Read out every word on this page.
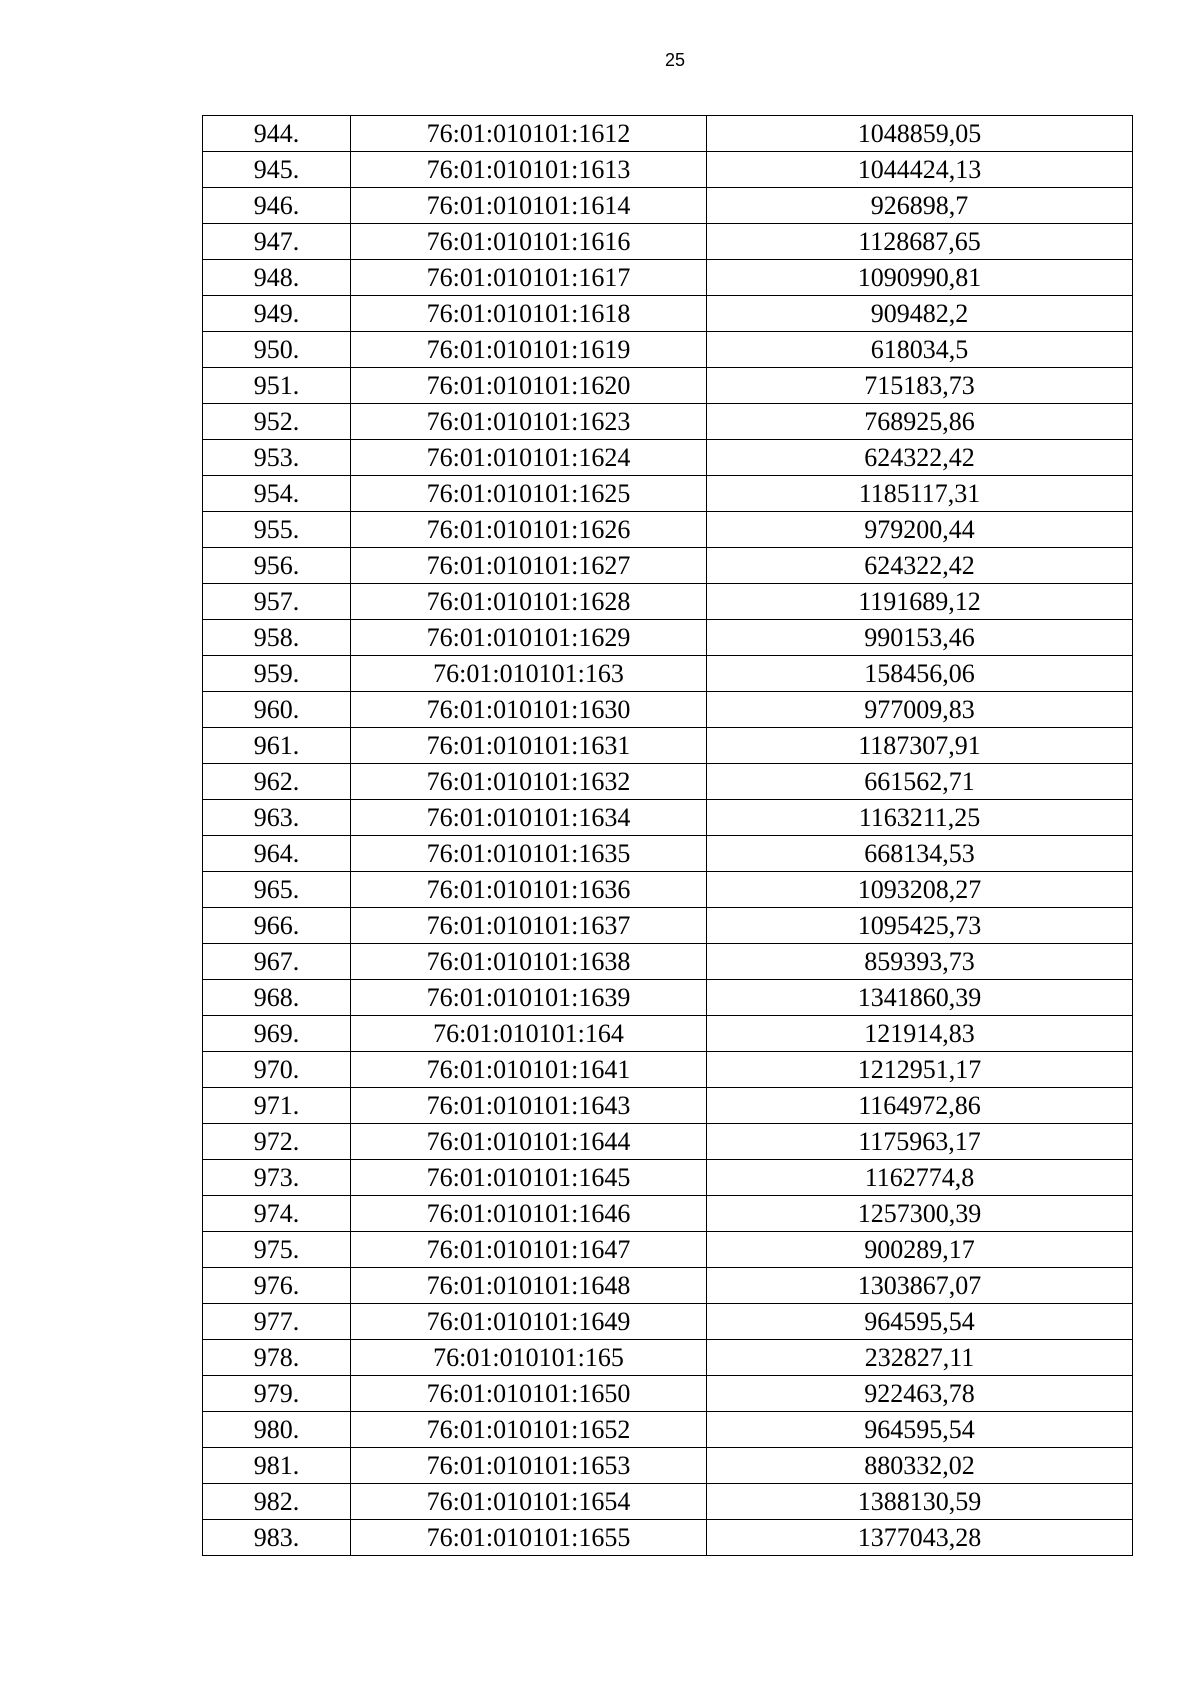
25
944.	76:01:010101:1612	1048859,05
945.	76:01:010101:1613	1044424,13
946.	76:01:010101:1614	926898,7
947.	76:01:010101:1616	1128687,65
948.	76:01:010101:1617	1090990,81
949.	76:01:010101:1618	909482,2
950.	76:01:010101:1619	618034,5
951.	76:01:010101:1620	715183,73
952.	76:01:010101:1623	768925,86
953.	76:01:010101:1624	624322,42
954.	76:01:010101:1625	1185117,31
955.	76:01:010101:1626	979200,44
956.	76:01:010101:1627	624322,42
957.	76:01:010101:1628	1191689,12
958.	76:01:010101:1629	990153,46
959.	76:01:010101:163	158456,06
960.	76:01:010101:1630	977009,83
961.	76:01:010101:1631	1187307,91
962.	76:01:010101:1632	661562,71
963.	76:01:010101:1634	1163211,25
964.	76:01:010101:1635	668134,53
965.	76:01:010101:1636	1093208,27
966.	76:01:010101:1637	1095425,73
967.	76:01:010101:1638	859393,73
968.	76:01:010101:1639	1341860,39
969.	76:01:010101:164	121914,83
970.	76:01:010101:1641	1212951,17
971.	76:01:010101:1643	1164972,86
972.	76:01:010101:1644	1175963,17
973.	76:01:010101:1645	1162774,8
974.	76:01:010101:1646	1257300,39
975.	76:01:010101:1647	900289,17
976.	76:01:010101:1648	1303867,07
977.	76:01:010101:1649	964595,54
978.	76:01:010101:165	232827,11
979.	76:01:010101:1650	922463,78
980.	76:01:010101:1652	964595,54
981.	76:01:010101:1653	880332,02
982.	76:01:010101:1654	1388130,59
983.	76:01:010101:1655	1377043,28
